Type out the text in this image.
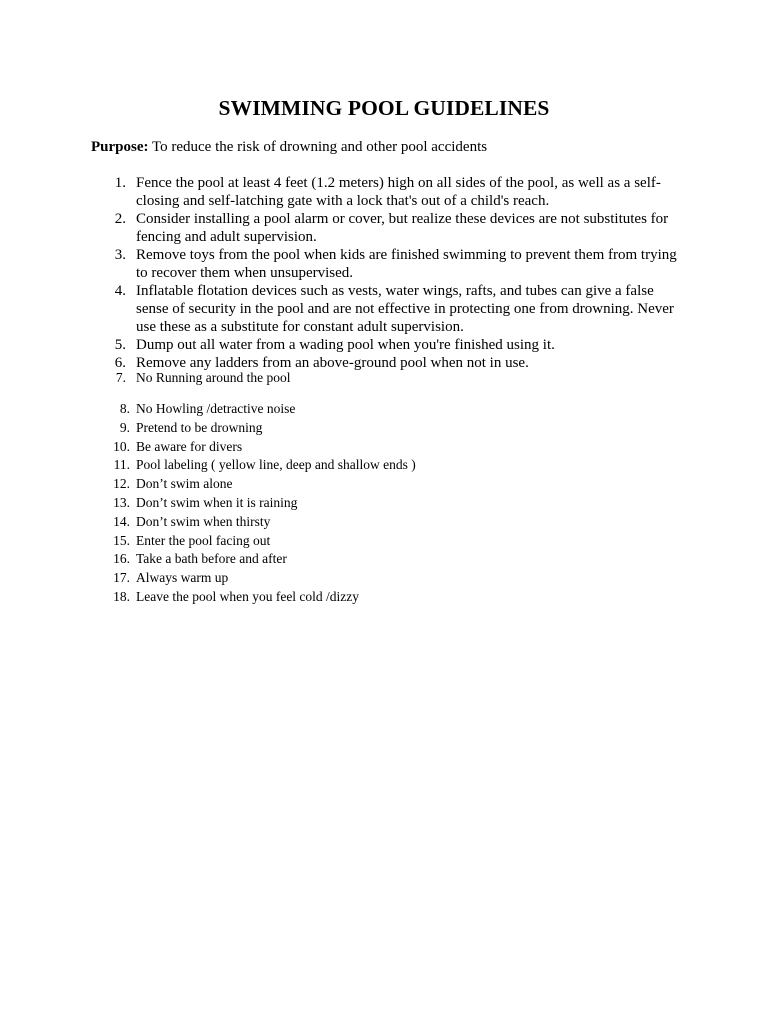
SWIMMING POOL GUIDELINES

Purpose: To reduce the risk of drowning and other pool accidents

1. Fence the pool at least 4 feet (1.2 meters) high on all sides of the pool, as well as a self-closing and self-latching gate with a lock that's out of a child's reach.
2. Consider installing a pool alarm or cover, but realize these devices are not substitutes for fencing and adult supervision.
3. Remove toys from the pool when kids are finished swimming to prevent them from trying to recover them when unsupervised.
4. Inflatable flotation devices such as vests, water wings, rafts, and tubes can give a false sense of security in the pool and are not effective in protecting one from drowning. Never use these as a substitute for constant adult supervision.
5. Dump out all water from a wading pool when you're finished using it.
6. Remove any ladders from an above-ground pool when not in use.
7. No Running around the pool
8. No Howling /detractive noise
9. Pretend to be drowning
10. Be aware for divers
11. Pool labeling ( yellow line, deep and shallow ends )
12. Don’t swim alone
13. Don’t swim when it is raining
14. Don’t swim when thirsty
15. Enter the pool facing out
16. Take a bath before and after
17. Always warm up
18. Leave the pool when you feel cold /dizzy
